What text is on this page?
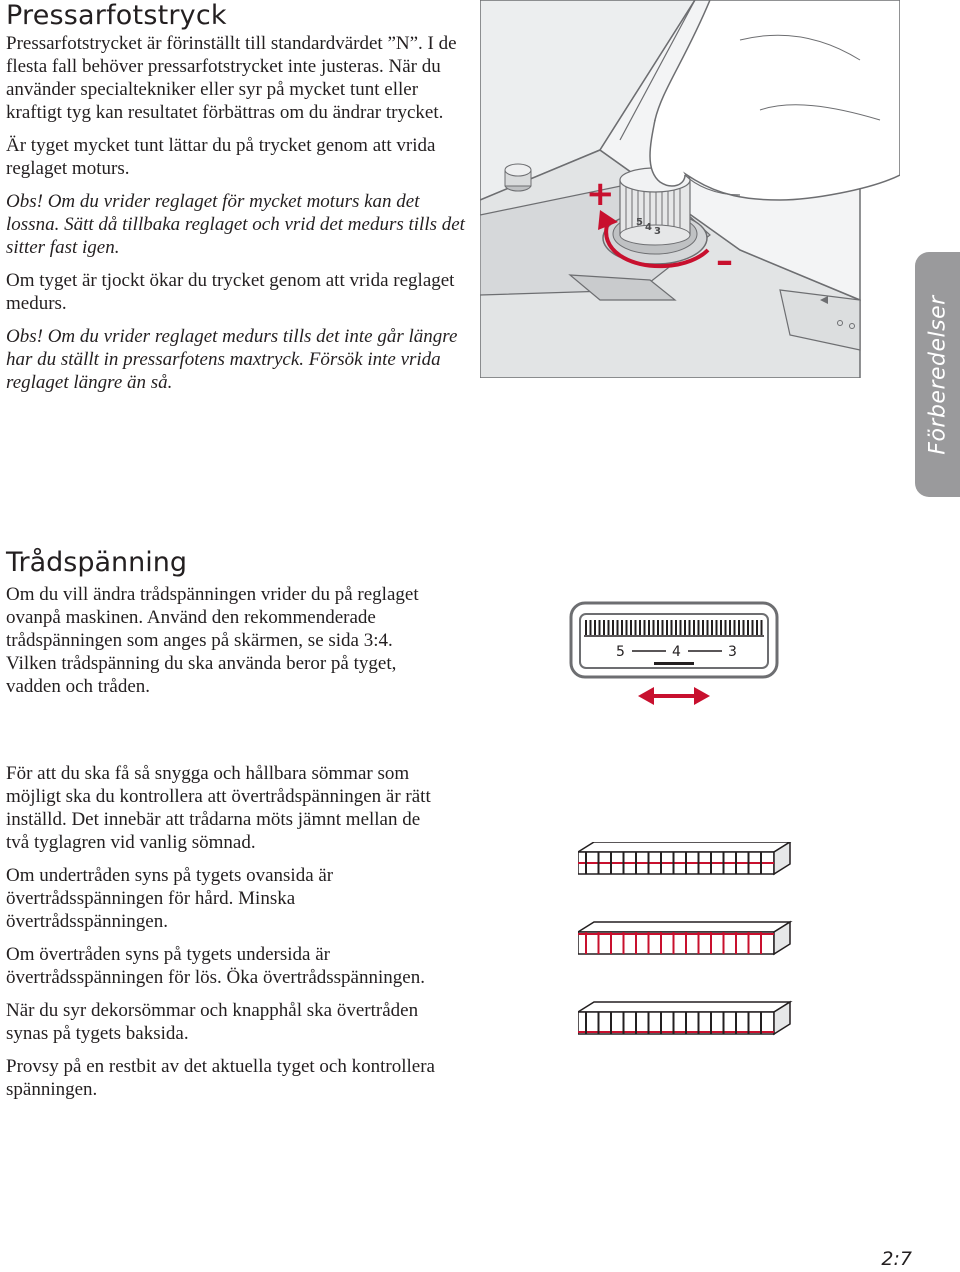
Pressarfotstryck

Pressarfotstrycket är förinställt till standardvärdet ”N”. I de flesta fall behöver pressarfotstrycket inte justeras. När du använder specialtekniker eller syr på mycket tunt eller kraftigt tyg kan resultatet förbättras om du ändrar trycket.

Är tyget mycket tunt lättar du på trycket genom att vrida reglaget moturs.

Obs! Om du vrider reglaget för mycket moturs kan det lossna. Sätt då tillbaka reglaget och vrid det medurs tills det sitter fast igen.

Om tyget är tjockt ökar du trycket genom att vrida reglaget medurs.

Obs! Om du vrider reglaget medurs tills det inte går längre har du ställt in pressarfotens maxtryck. Försök inte vrida reglaget längre än så.

5 4 3
+
–
Förberedelser
Trådspänning

Om du vill ändra trådspänningen vrider du på reglaget ovanpå maskinen. Använd den rekommenderade trådspänningen som anges på skärmen, se sida 3:4. Vilken trådspänning du ska använda beror på tyget, vadden och tråden.

5	4	3

För att du ska få så snygga och hållbara sömmar som möjligt ska du kontrollera att övertrådspänningen är rätt inställd. Det innebär att trådarna möts jämnt mellan de två tyglagren vid vanlig sömnad.

Om undertråden syns på tygets ovansida är övertrådsspänningen för hård. Minska övertrådsspänningen.

Om övertråden syns på tygets undersida är övertrådsspänningen för lös. Öka övertrådsspänningen.

När du syr dekorsömmar och knapphål ska övertråden synas på tygets baksida.

Provsy på en restbit av det aktuella tyget och kontrollera spänningen.

2:7
